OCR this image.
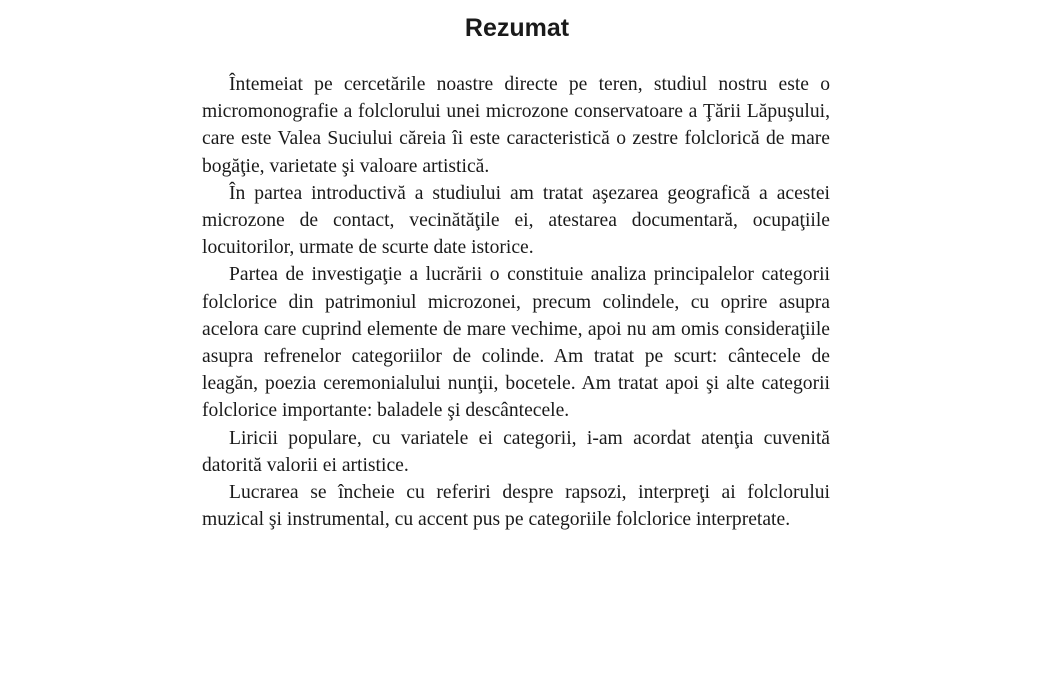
Rezumat

Întemeiat pe cercetările noastre directe pe teren, studiul nostru este o micromonografie a folclorului unei microzone conservatoare a Ţării Lăpuşului, care este Valea Suciului căreia îi este caracteristică o zestre folclorică de mare bogăţie, varietate şi valoare artistică.

În partea introductivă a studiului am tratat aşezarea geografică a acestei microzone de contact, vecinătăţile ei, atestarea documentară, ocupaţiile locuitorilor, urmate de scurte date istorice.

Partea de investigaţie a lucrării o constituie analiza principalelor categorii folclorice din patrimoniul microzonei, precum colindele, cu oprire asupra acelora care cuprind elemente de mare vechime, apoi nu am omis consideraţiile asupra refrenelor categoriilor de colinde. Am tratat pe scurt: cântecele de leagăn, poezia ceremonialului nunţii, bocetele. Am tratat apoi şi alte categorii folclorice importante: baladele şi descântecele.

Liricii populare, cu variatele ei categorii, i-am acordat atenţia cuvenită datorită valorii ei artistice.

Lucrarea se încheie cu referiri despre rapsozi, interpreţi ai folclorului muzical şi instrumental, cu accent pus pe categoriile folclorice interpretate.
